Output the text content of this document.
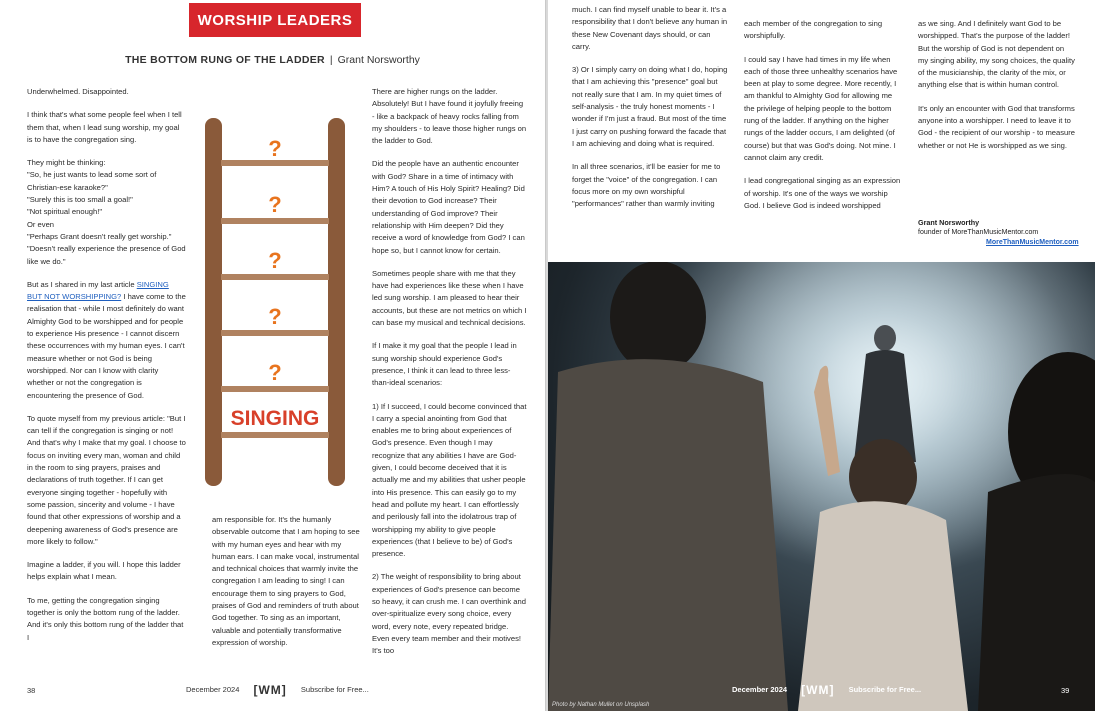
WORSHIP LEADERS
THE BOTTOM RUNG OF THE LADDER | Grant Norsworthy

Underwhelmed. Disappointed.

I think that's what some people feel when I tell them that, when I lead sung worship, my goal is to have the congregation sing.

They might be thinking:
"So, he just wants to lead some sort of Christian-ese karaoke?"
"Surely this is too small a goal!"
"Not spiritual enough!"
Or even
"Perhaps Grant doesn't really get worship."
"Doesn't really experience the presence of God like we do."

But as I shared in my last article SINGING BUT NOT WORSHIPPING? I have come to the realisation that - while I most definitely do want Almighty God to be worshipped and for people to experience His presence - I cannot discern these occurrences with my human eyes. I can't measure whether or not God is being worshipped. Nor can I know with clarity whether or not the congregation is encountering the presence of God.

To quote myself from my previous article: "But I can tell if the congregation is singing or not! And that's why I make that my goal. I choose to focus on inviting every man, woman and child in the room to sing prayers, praises and declarations of truth together. If I can get everyone singing together - hopefully with some passion, sincerity and volume - I have found that other expressions of worship and a deepening awareness of God's presence are more likely to follow."

Imagine a ladder, if you will. I hope this ladder helps explain what I mean.

To me, getting the congregation singing together is only the bottom rung of the ladder. And it's only this bottom rung of the ladder that I

?
?
?
?
?
SINGING

am responsible for. It's the humanly observable outcome that I am hoping to see with my human eyes and hear with my human ears. I can make vocal, instrumental and technical choices that warmly invite the congregation I am leading to sing! I can encourage them to sing prayers to God, praises of God and reminders of truth about God together. To sing as an important, valuable and potentially transformative expression of worship.

There are higher rungs on the ladder. Absolutely! But I have found it joyfully freeing - like a backpack of heavy rocks falling from my shoulders - to leave those higher rungs on the ladder to God.

Did the people have an authentic encounter with God? Share in a time of intimacy with Him? A touch of His Holy Spirit? Healing? Did their devotion to God increase? Their understanding of God improve? Their relationship with Him deepen? Did they receive a word of knowledge from God? I can hope so, but I cannot know for certain.

Sometimes people share with me that they have had experiences like these when I have led sung worship. I am pleased to hear their accounts, but these are not metrics on which I can base my musical and technical decisions.

If I make it my goal that the people I lead in sung worship should experience God's presence, I think it can lead to three less-than-ideal scenarios:

1) If I succeed, I could become convinced that I carry a special anointing from God that enables me to bring about experiences of God's presence. Even though I may recognize that any abilities I have are God-given, I could become deceived that it is actually me and my abilities that usher people into His presence. This can easily go to my head and pollute my heart. I can effortlessly and perilously fall into the idolatrous trap of worshipping my ability to give people experiences (that I believe to be) of God's presence.

2) The weight of responsibility to bring about experiences of God's presence can become so heavy, it can crush me. I can overthink and over-spiritualize every song choice, every word, every note, every repeated bridge. Even every team member and their motives! It's too

38	December 2024 [WM] Subscribe for Free...

much. I can find myself unable to bear it. It's a responsibility that I don't believe any human in these New Covenant days should, or can carry.

3) Or I simply carry on doing what I do, hoping that I am achieving this "presence" goal but not really sure that I am. In my quiet times of self-analysis - the truly honest moments - I wonder if I'm just a fraud. But most of the time I just carry on pushing forward the facade that I am achieving and doing what is required.

In all three scenarios, it'll be easier for me to forget the "voice" of the congregation. I can focus more on my own worshipful "performances" rather than warmly inviting

each member of the congregation to sing worshipfully.

I could say I have had times in my life when each of those three unhealthy scenarios have been at play to some degree. More recently, I am thankful to Almighty God for allowing me the privilege of helping people to the bottom rung of the ladder. If anything on the higher rungs of the ladder occurs, I am delighted (of course) but that was God's doing. Not mine. I cannot claim any credit.

I lead congregational singing as an expression of worship. It's one of the ways we worship God. I believe God is indeed worshipped

as we sing. And I definitely want God to be worshipped. That's the purpose of the ladder! But the worship of God is not dependent on my singing ability, my song choices, the quality of the musicianship, the clarity of the mix, or anything else that is within human control.

It's only an encounter with God that transforms anyone into a worshipper. I need to leave it to God - the recipient of our worship - to measure whether or not He is worshipped as we sing.

Grant Norsworthy
founder of MoreThanMusicMentor.com
MoreThanMusicMentor.com
Photo by Nathan Mullet on Unsplash
December 2024 [WM] Subscribe for Free...	39
